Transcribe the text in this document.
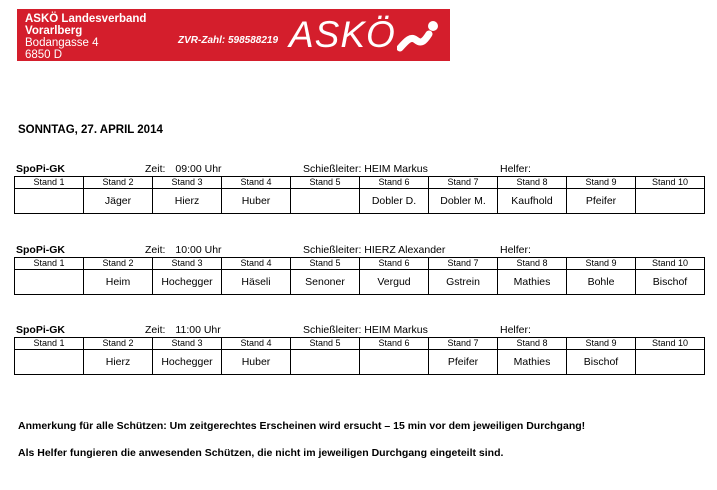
ASKÖ Landesverband
Vorarlberg
Bodangasse 4
6850 D
ZVR-Zahl: 598588219 ASKÖ
SONNTAG, 27. APRIL 2014
SpoPi-GK	Schießleiter: HEIM Markus	Helfer:
Zeit: 09:00 Uhr
Stand 1	Stand 2	Stand 3	Stand 4	Stand 5	Stand 6	Stand 7	Stand 8	Stand 9	Stand 10
	Jäger	Hierz	Huber		Dobler D.	Dobler M.	Kaufhold	Pfeifer	
SpoPi-GK	Schießleiter: HIERZ Alexander	Helfer:
Zeit: 10:00 Uhr
Stand 1	Stand 2	Stand 3	Stand 4	Stand 5	Stand 6	Stand 7	Stand 8	Stand 9	Stand 10
	Heim	Hochegger	Häseli	Senoner	Vergud	Gstrein	Mathies	Bohle	Bischof
SpoPi-GK	Schießleiter: HEIM Markus	Helfer:
Zeit: 11:00 Uhr
Stand 1	Stand 2	Stand 3	Stand 4	Stand 5	Stand 6	Stand 7	Stand 8	Stand 9	Stand 10
	Hierz	Hochegger	Huber			Pfeifer	Mathies	Bischof	
Anmerkung für alle Schützen: Um zeitgerechtes Erscheinen wird ersucht – 15 min vor dem jeweiligen Durchgang!
Als Helfer fungieren die anwesenden Schützen, die nicht im jeweiligen Durchgang eingeteilt sind.
